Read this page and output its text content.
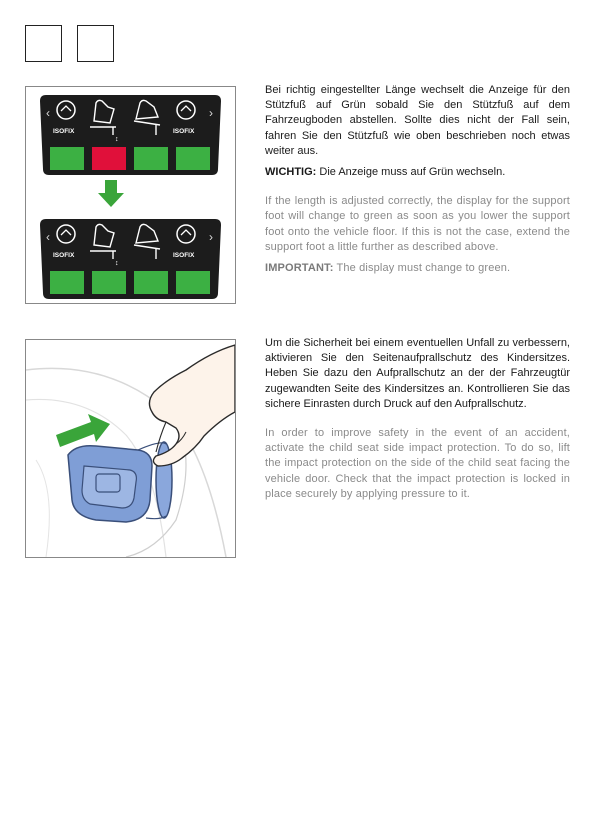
‹	›
ISOFIX
↕
ISOFIX
‹	›
ISOFIX
↕
ISOFIX

Bei richtig eingestellter Länge wechselt die Anzeige für den Stützfuß auf Grün sobald Sie den Stützfuß auf dem Fahrzeugboden abstellen. Sollte dies nicht der Fall sein, fahren Sie den Stützfuß wie oben beschrieben noch etwas weiter aus.

WICHTIG: Die Anzeige muss auf Grün wechseln.

If the length is adjusted correctly, the display for the support foot will change to green as soon as you lower the support foot onto the vehicle floor. If this is not the case, extend the support foot a little further as described above.

IMPORTANT: The display must change to green.

Um die Sicherheit bei einem eventuellen Unfall zu verbessern, aktivieren Sie den Seitenaufprallschutz des Kindersitzes. Heben Sie dazu den Aufprallschutz an der der Fahrzeugtür zugewandten Seite des Kindersitzes an. Kontrollieren Sie das sichere Einrasten durch Druck auf den Aufprallschutz.

In order to improve safety in the event of an accident, activate the child seat side impact protection. To do so, lift the impact protection on the side of the child seat facing the vehicle door. Check that the impact protection is locked in place securely by applying pressure to it.
